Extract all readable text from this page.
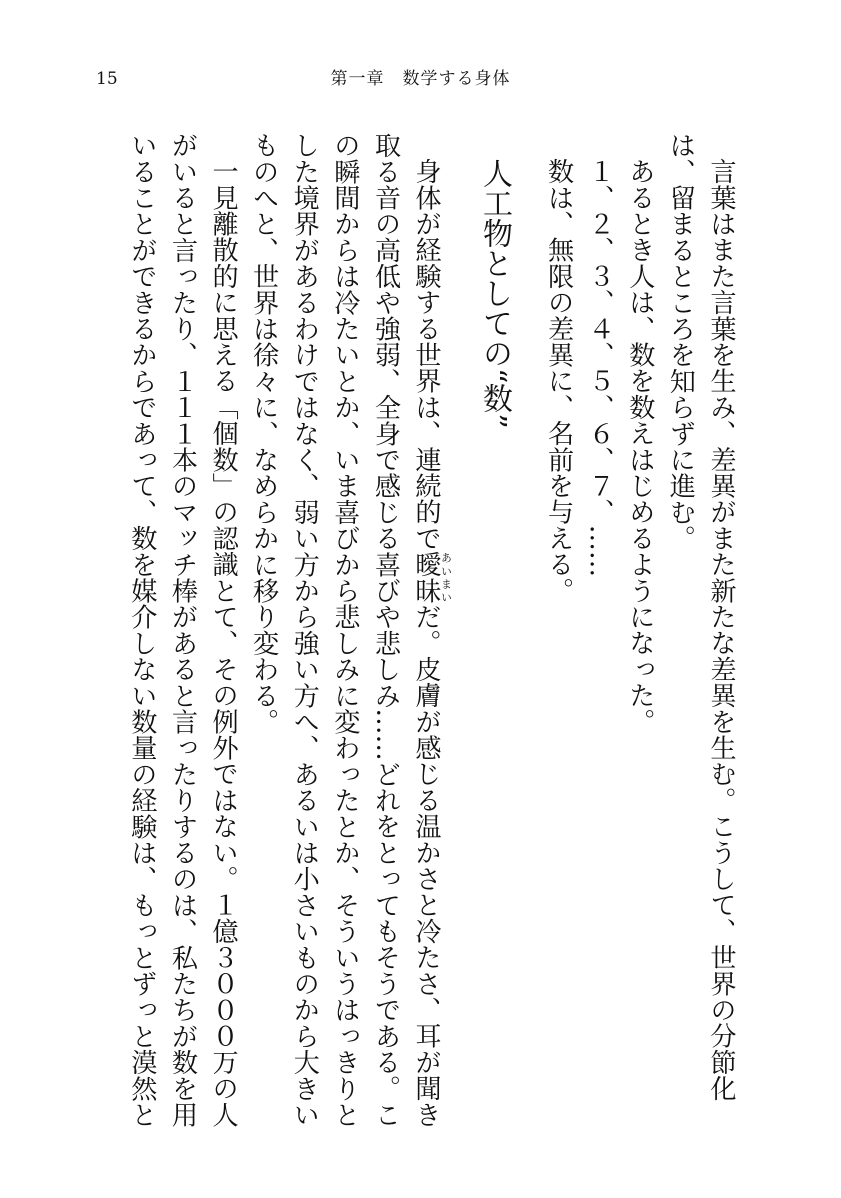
15	第一章　数学する身体

言葉はまた言葉を生み、差異がまた新たな差異を生む。こうして、世界の分節化は、留まるところを知らずに進む。

あるとき人は、数を数えはじめるようになった。

１、２、３、４、５、６、７、……

数は、無限の差異に、名前を与える。

人工物としての“数”

身体が経験する世界は、連続的で曖昧あいまいだ。皮膚が感じる温かさと冷たさ、耳が聞き取る音の高低や強弱、全身で感じる喜びや悲しみ……どれをとってもそうである。この瞬間からは冷たいとか、いま喜びから悲しみに変わったとか、そういうはっきりとした境界があるわけではなく、弱い方から強い方へ、あるいは小さいものから大きいものへと、世界は徐々に、なめらかに移り変わる。

一見離散的に思える「個数」の認識とて、その例外ではない。１億３０００万の人がいると言ったり、１１１本のマッチ棒があると言ったりするのは、私たちが数を用いることができるからであって、数を媒介しない数量の経験は、もっとずっと漠然と
